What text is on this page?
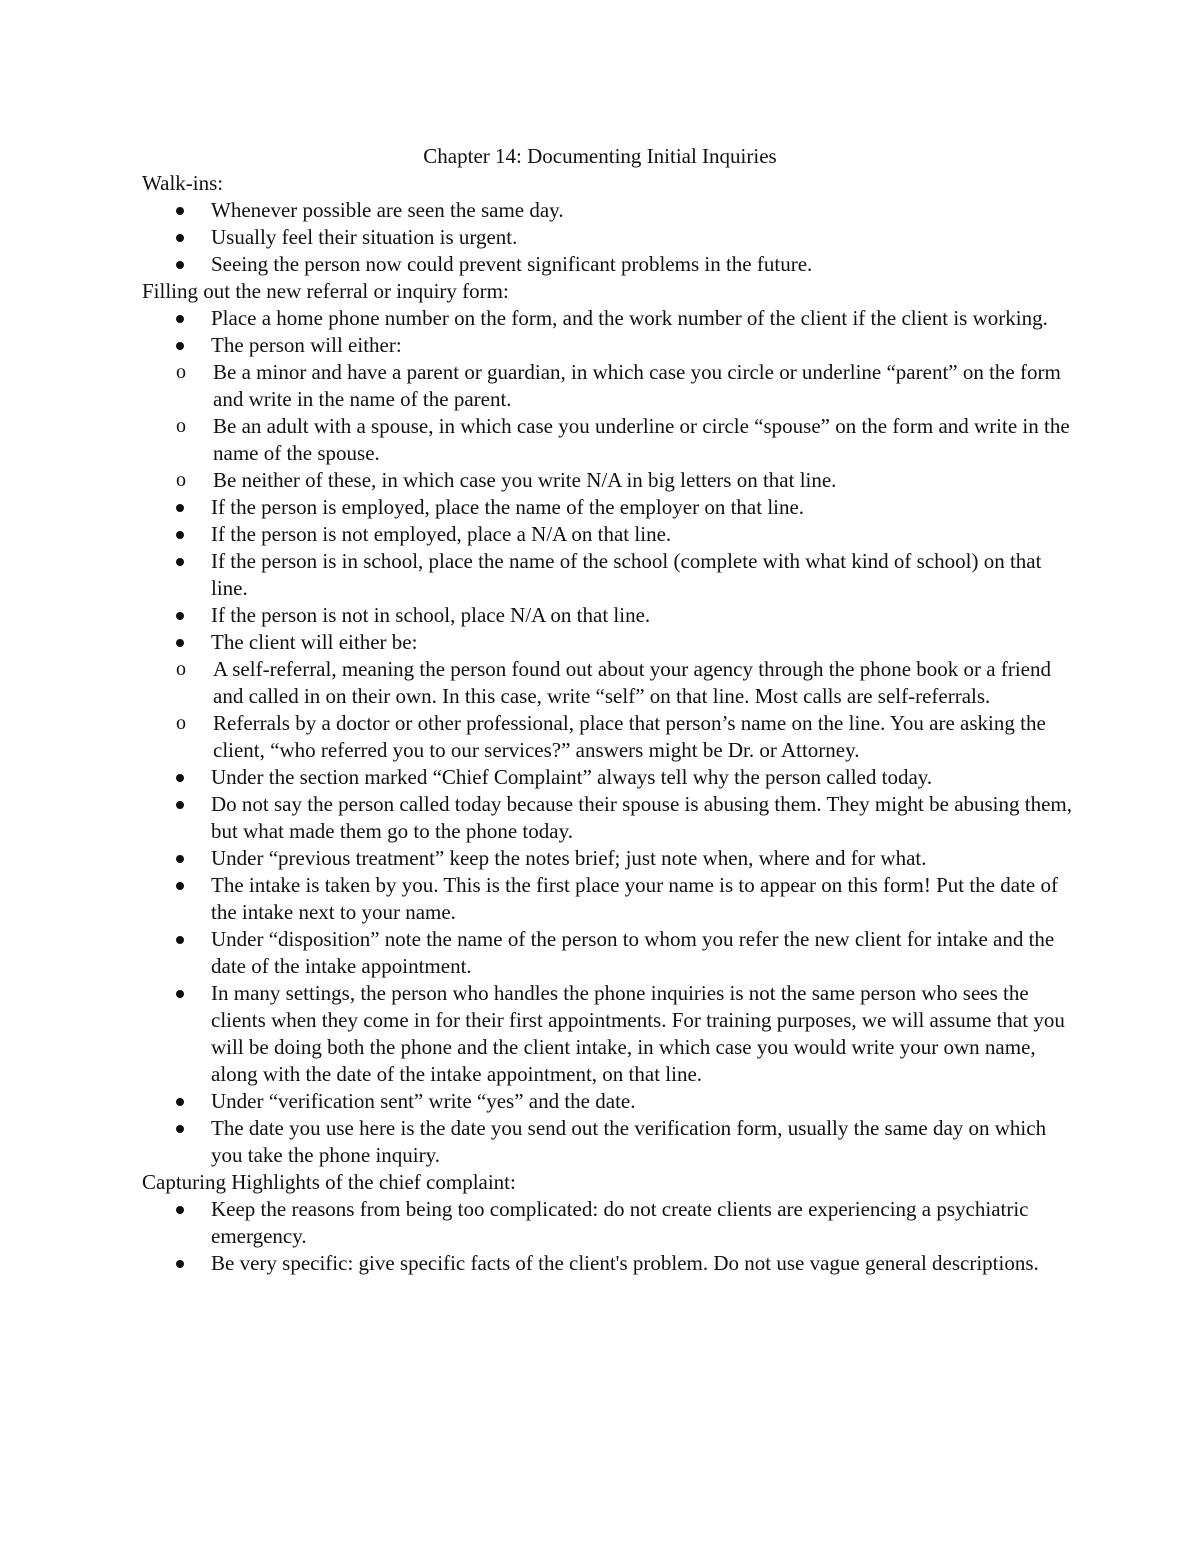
Chapter 14: Documenting Initial Inquiries

Walk-ins:

Whenever possible are seen the same day.
Usually feel their situation is urgent.
Seeing the person now could prevent significant problems in the future.

Filling out the new referral or inquiry form:

Place a home phone number on the form, and the work number of the client if the client is working.
The person will either:
o Be a minor and have a parent or guardian, in which case you circle or underline “parent” on the form and write in the name of the parent.
o Be an adult with a spouse, in which case you underline or circle “spouse” on the form and write in the name of the spouse.
o Be neither of these, in which case you write N/A in big letters on that line.
If the person is employed, place the name of the employer on that line.
If the person is not employed, place a N/A on that line.
If the person is in school, place the name of the school (complete with what kind of school) on that line.
If the person is not in school, place N/A on that line.
The client will either be:
o A self-referral, meaning the person found out about your agency through the phone book or a friend and called in on their own. In this case, write “self” on that line. Most calls are self-referrals.
o Referrals by a doctor or other professional, place that person’s name on the line. You are asking the client, “who referred you to our services?” answers might be Dr. or Attorney.
Under the section marked “Chief Complaint” always tell why the person called today.
Do not say the person called today because their spouse is abusing them. They might be abusing them, but what made them go to the phone today.
Under “previous treatment” keep the notes brief; just note when, where and for what.
The intake is taken by you. This is the first place your name is to appear on this form! Put the date of the intake next to your name.
Under “disposition” note the name of the person to whom you refer the new client for intake and the date of the intake appointment.
In many settings, the person who handles the phone inquiries is not the same person who sees the clients when they come in for their first appointments. For training purposes, we will assume that you will be doing both the phone and the client intake, in which case you would write your own name, along with the date of the intake appointment, on that line.
Under “verification sent” write “yes” and the date.
The date you use here is the date you send out the verification form, usually the same day on which you take the phone inquiry.

Capturing Highlights of the chief complaint:

Keep the reasons from being too complicated: do not create clients are experiencing a psychiatric emergency.
Be very specific: give specific facts of the client's problem. Do not use vague general descriptions.
